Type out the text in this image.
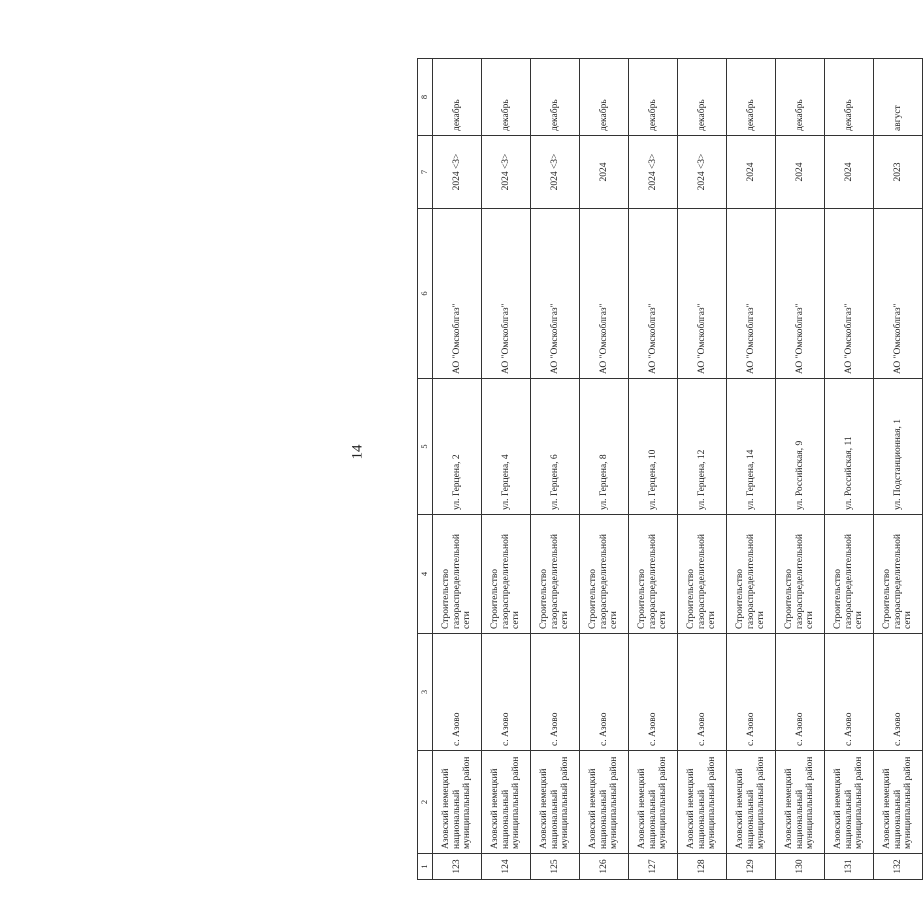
14
1	2	3	4	5	6	7	8
123	Азовский немецкий национальный муниципальный район	с. Азово	Строительство газораспределительной сети	ул. Герцена, 2	АО "Омскоблгаз"	2024 <3>	декабрь
124	Азовский немецкий национальный муниципальный район	с. Азово	Строительство газораспределительной сети	ул. Герцена, 4	АО "Омскоблгаз"	2024 <3>	декабрь
125	Азовский немецкий национальный муниципальный район	с. Азово	Строительство газораспределительной сети	ул. Герцена, 6	АО "Омскоблгаз"	2024 <3>	декабрь
126	Азовский немецкий национальный муниципальный район	с. Азово	Строительство газораспределительной сети	ул. Герцена, 8	АО "Омскоблгаз"	2024	декабрь
127	Азовский немецкий национальный муниципальный район	с. Азово	Строительство газораспределительной сети	ул. Герцена, 10	АО "Омскоблгаз"	2024 <3>	декабрь
128	Азовский немецкий национальный муниципальный район	с. Азово	Строительство газораспределительной сети	ул. Герцена, 12	АО "Омскоблгаз"	2024 <3>	декабрь
129	Азовский немецкий национальный муниципальный район	с. Азово	Строительство газораспределительной сети	ул. Герцена, 14	АО "Омскоблгаз"	2024	декабрь
130	Азовский немецкий национальный муниципальный район	с. Азово	Строительство газораспределительной сети	ул. Российская, 9	АО "Омскоблгаз"	2024	декабрь
131	Азовский немецкий национальный муниципальный район	с. Азово	Строительство газораспределительной сети	ул. Российская, 11	АО "Омскоблгаз"	2024	декабрь
132	Азовский немецкий национальный муниципальный район	с. Азово	Строительство газораспределительной сети	ул. Подстанционная, 1	АО "Омскоблгаз"	2023	август
